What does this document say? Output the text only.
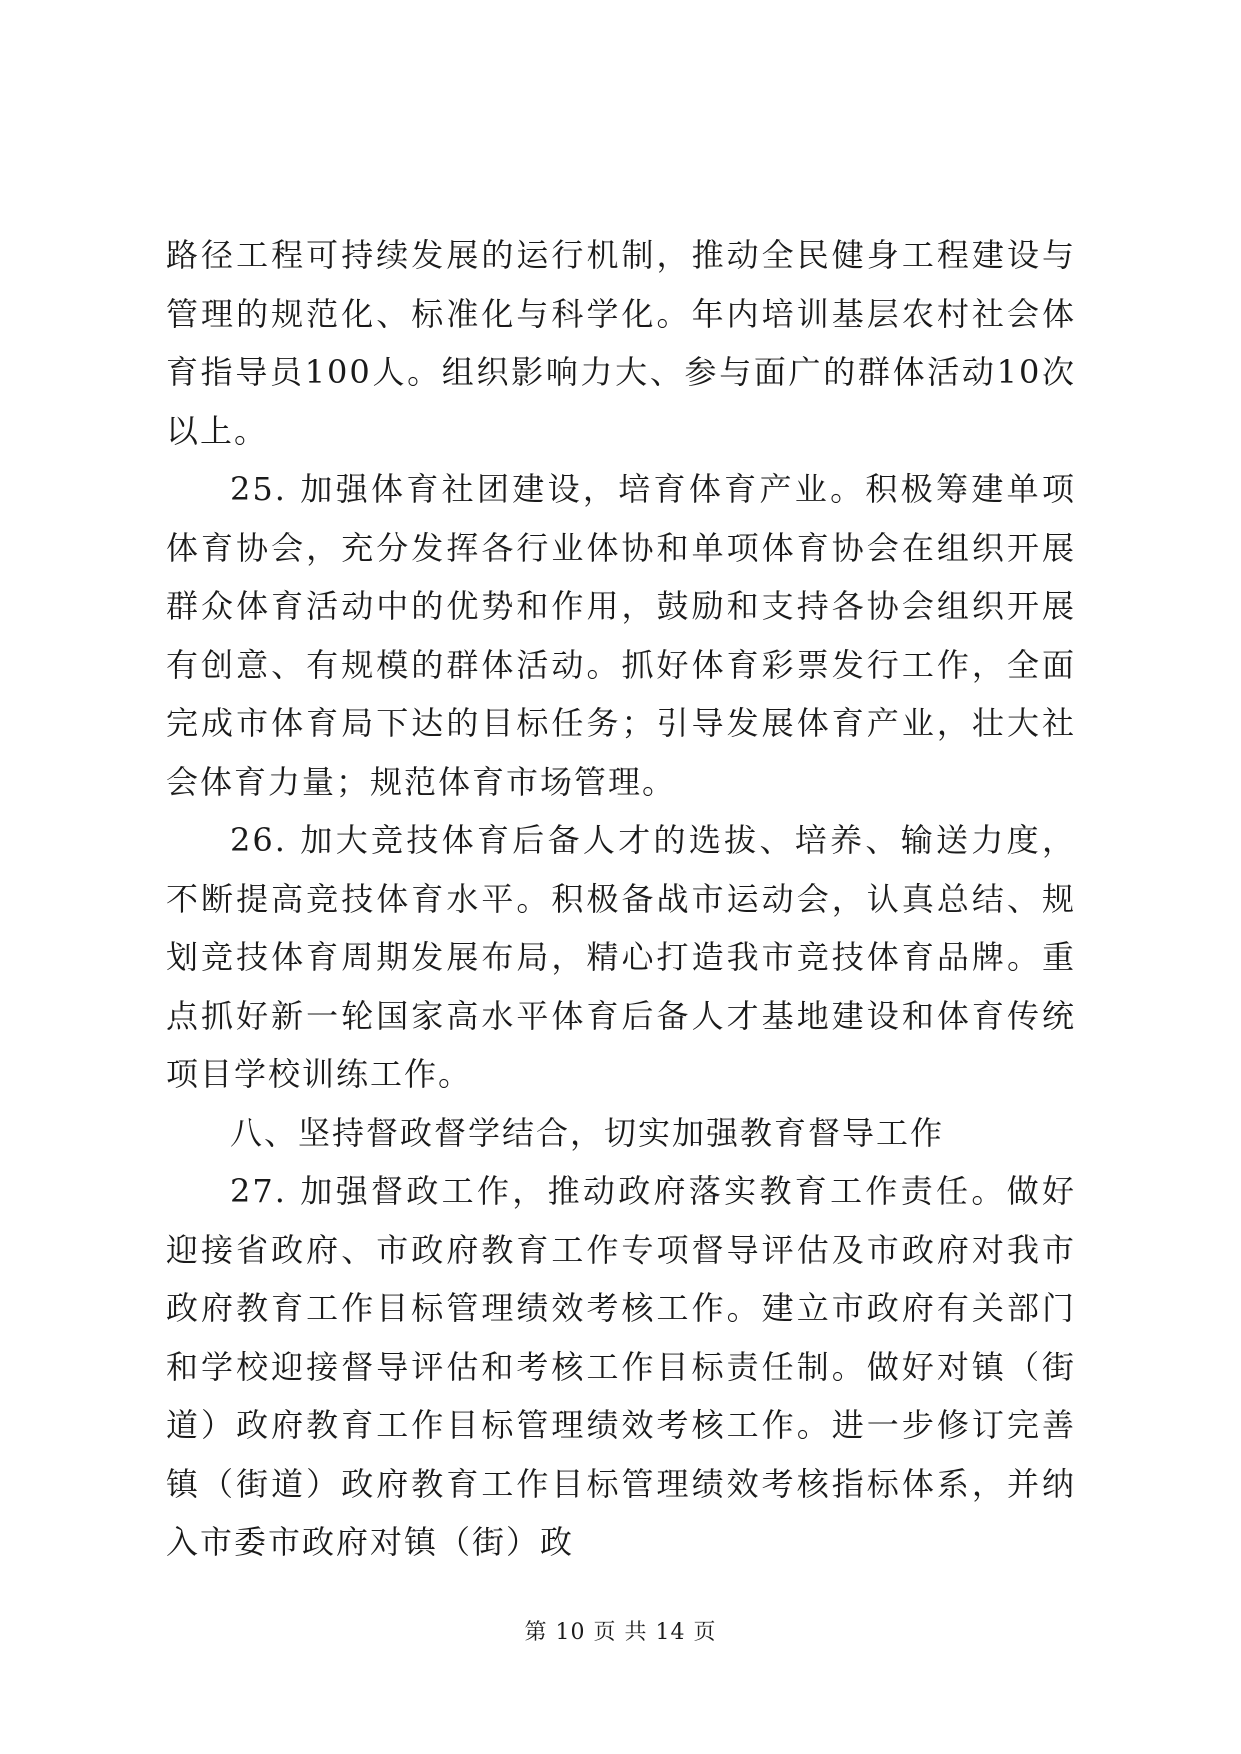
路径工程可持续发展的运行机制，推动全民健身工程建设与管理的规范化、标准化与科学化。年内培训基层农村社会体育指导员100人。组织影响力大、参与面广的群体活动10次以上。

25. 加强体育社团建设，培育体育产业。积极筹建单项体育协会，充分发挥各行业体协和单项体育协会在组织开展群众体育活动中的优势和作用，鼓励和支持各协会组织开展有创意、有规模的群体活动。抓好体育彩票发行工作，全面完成市体育局下达的目标任务；引导发展体育产业，壮大社会体育力量；规范体育市场管理。

26. 加大竞技体育后备人才的选拔、培养、输送力度，不断提高竞技体育水平。积极备战市运动会，认真总结、规划竞技体育周期发展布局，精心打造我市竞技体育品牌。重点抓好新一轮国家高水平体育后备人才基地建设和体育传统项目学校训练工作。

八、坚持督政督学结合，切实加强教育督导工作

27. 加强督政工作，推动政府落实教育工作责任。做好迎接省政府、市政府教育工作专项督导评估及市政府对我市政府教育工作目标管理绩效考核工作。建立市政府有关部门和学校迎接督导评估和考核工作目标责任制。做好对镇（街道）政府教育工作目标管理绩效考核工作。进一步修订完善镇（街道）政府教育工作目标管理绩效考核指标体系，并纳入市委市政府对镇（街）政

第 10 页 共 14 页
